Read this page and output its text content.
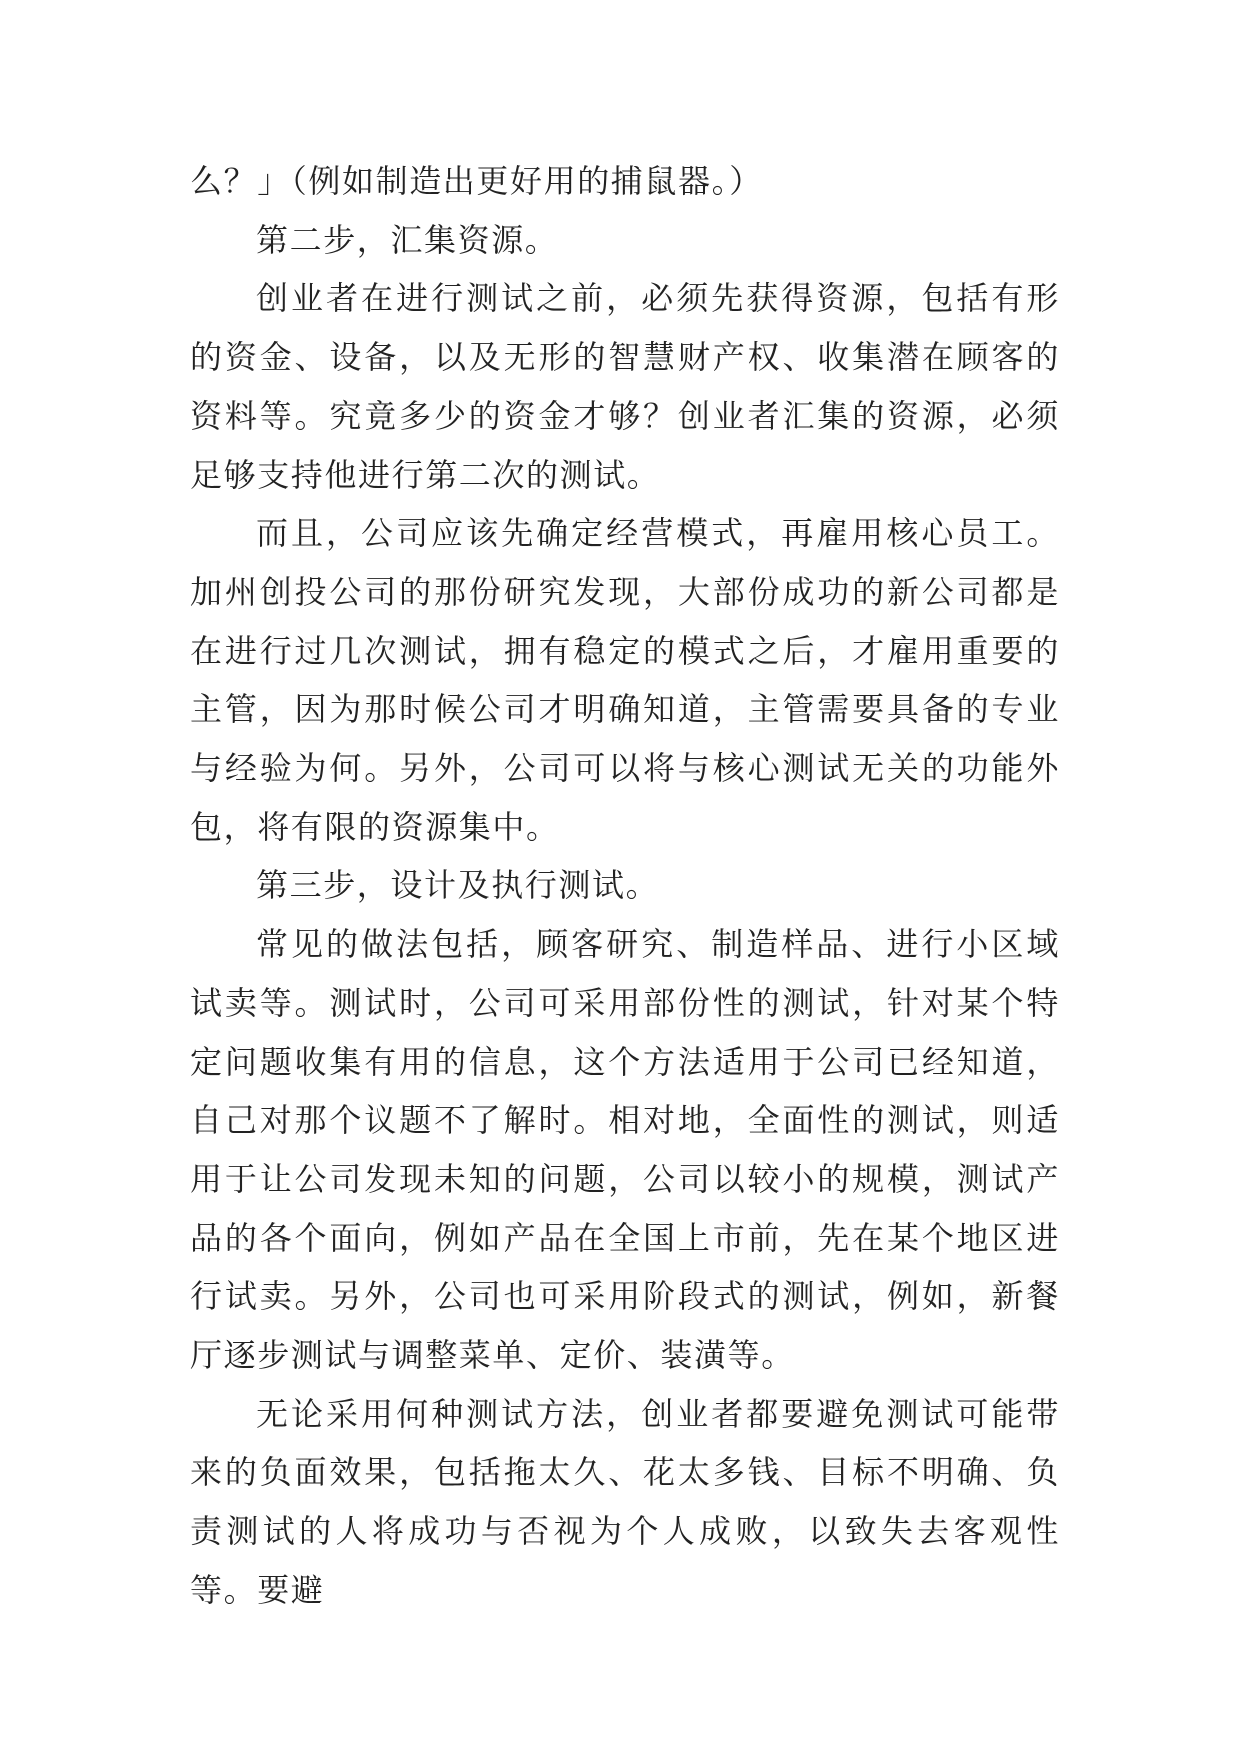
么？」（例如制造出更好用的捕鼠器。）

第二步，汇集资源。

创业者在进行测试之前，必须先获得资源，包括有形的资金、设备，以及无形的智慧财产权、收集潜在顾客的资料等。究竟多少的资金才够？创业者汇集的资源，必须足够支持他进行第二次的测试。

而且，公司应该先确定经营模式，再雇用核心员工。加州创投公司的那份研究发现，大部份成功的新公司都是在进行过几次测试，拥有稳定的模式之后，才雇用重要的主管，因为那时候公司才明确知道，主管需要具备的专业与经验为何。另外，公司可以将与核心测试无关的功能外包，将有限的资源集中。

第三步，设计及执行测试。

常见的做法包括，顾客研究、制造样品、进行小区域试卖等。测试时，公司可采用部份性的测试，针对某个特定问题收集有用的信息，这个方法适用于公司已经知道，自己对那个议题不了解时。相对地，全面性的测试，则适用于让公司发现未知的问题，公司以较小的规模，测试产品的各个面向，例如产品在全国上市前，先在某个地区进行试卖。另外，公司也可采用阶段式的测试，例如，新餐厅逐步测试与调整菜单、定价、装潢等。

无论采用何种测试方法，创业者都要避免测试可能带来的负面效果，包括拖太久、花太多钱、目标不明确、负责测试的人将成功与否视为个人成败，以致失去客观性等。要避
